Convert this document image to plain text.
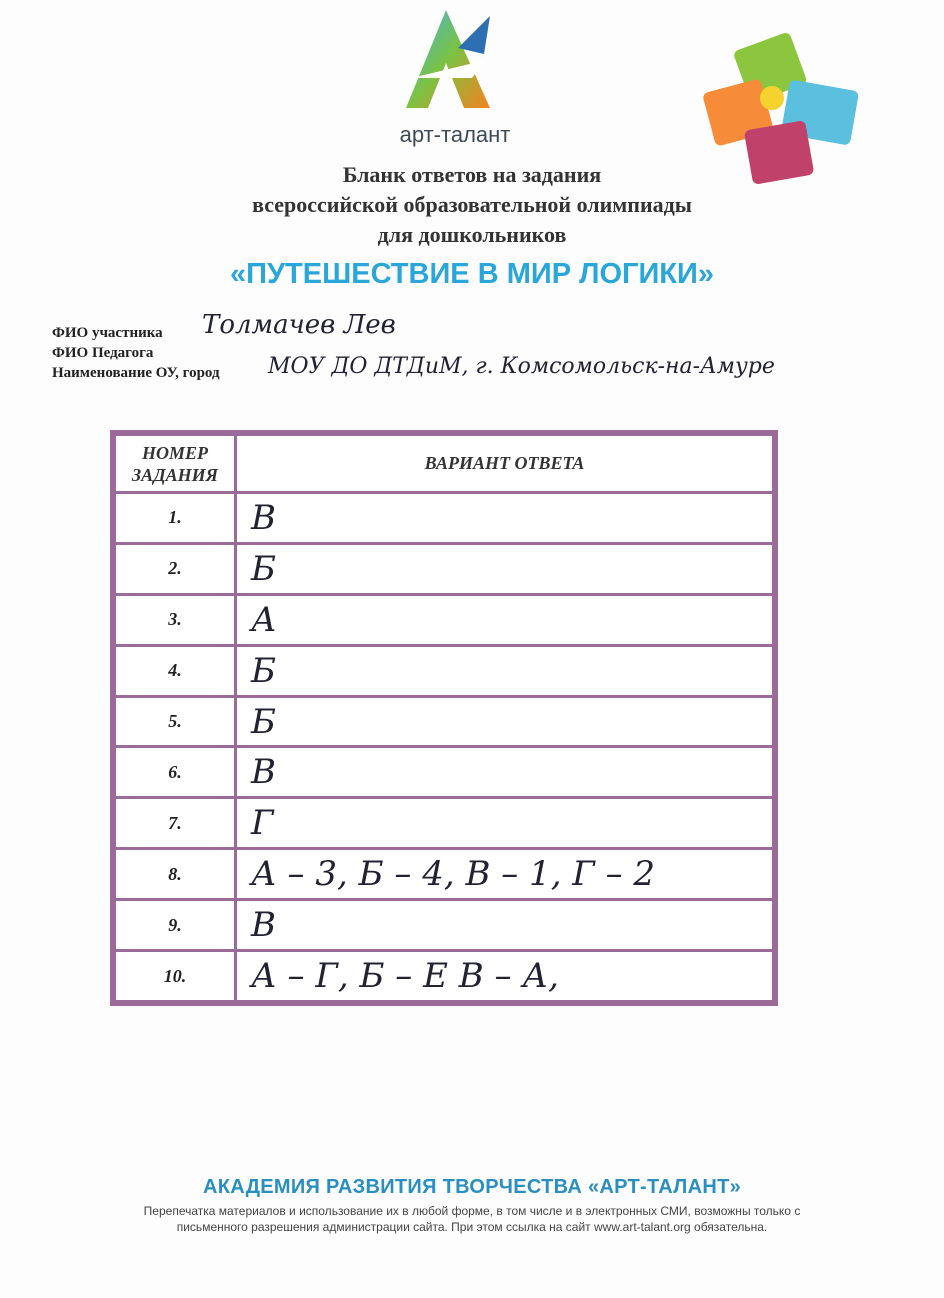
арт-талант
Бланк ответов на задания
всероссийской образовательной олимпиады
для дошкольников
«ПУТЕШЕСТВИЕ В МИР ЛОГИКИ»
ФИО участника Толмачев Лев
ФИО Педагога
Наименование ОУ, город МОУ ДО ДТДиМ, г. Комсомольск-на-Амуре
НОМЕР ЗАДАНИЯ	ВАРИАНТ ОТВЕТА
1.	В
2.	Б
3.	А
4.	Б
5.	Б
6.	В
7.	Г
8.	А – 3, Б – 4, В – 1, Г – 2
9.	В
10.	А – Г, Б – Е В – А,
АКАДЕМИЯ РАЗВИТИЯ ТВОРЧЕСТВА «АРТ-ТАЛАНТ»
Перепечатка материалов и использование их в любой форме, в том числе и в электронных СМИ, возможны только с
письменного разрешения администрации сайта. При этом ссылка на сайт www.art-talant.org обязательна.
